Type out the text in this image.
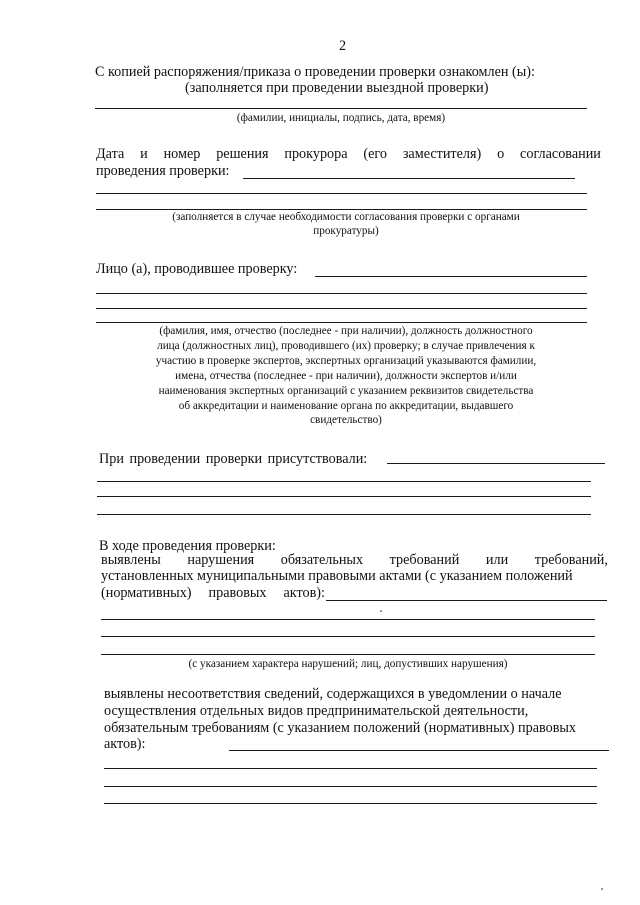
2
С копией распоряжения/приказа о проведении проверки ознакомлен (ы):
(заполняется при проведении выездной проверки)
(фамилии, инициалы, подпись, дата, время)
Дата и номер решения прокурора (его заместителя) о согласовании
проведения проверки:
(заполняется в случае необходимости согласования проверки с органами
прокуратуры)
Лицо (а), проводившее проверку:
(фамилия, имя, отчество (последнее - при наличии), должность должностного
лица (должностных лиц), проводившего (их) проверку; в случае привлечения к
участию в проверке экспертов, экспертных организаций указываются фамилии,
имена, отчества (последнее - при наличии), должности экспертов и/или
наименования экспертных организаций с указанием реквизитов свидетельства
об аккредитации и наименование органа по аккредитации, выдавшего
свидетельство)
При проведении проверки присутствовали:
В ходе проведения проверки:
выявлены нарушения обязательных требований или требований,
установленных муниципальными правовыми актами (с указанием положений
(нормативных) правовых актов):
(с указанием характера нарушений; лиц, допустивших нарушения)
выявлены несоответствия сведений, содержащихся в уведомлении о начале
осуществления отдельных видов предпринимательской деятельности,
обязательным требованиям (с указанием положений (нормативных) правовых
актов):
